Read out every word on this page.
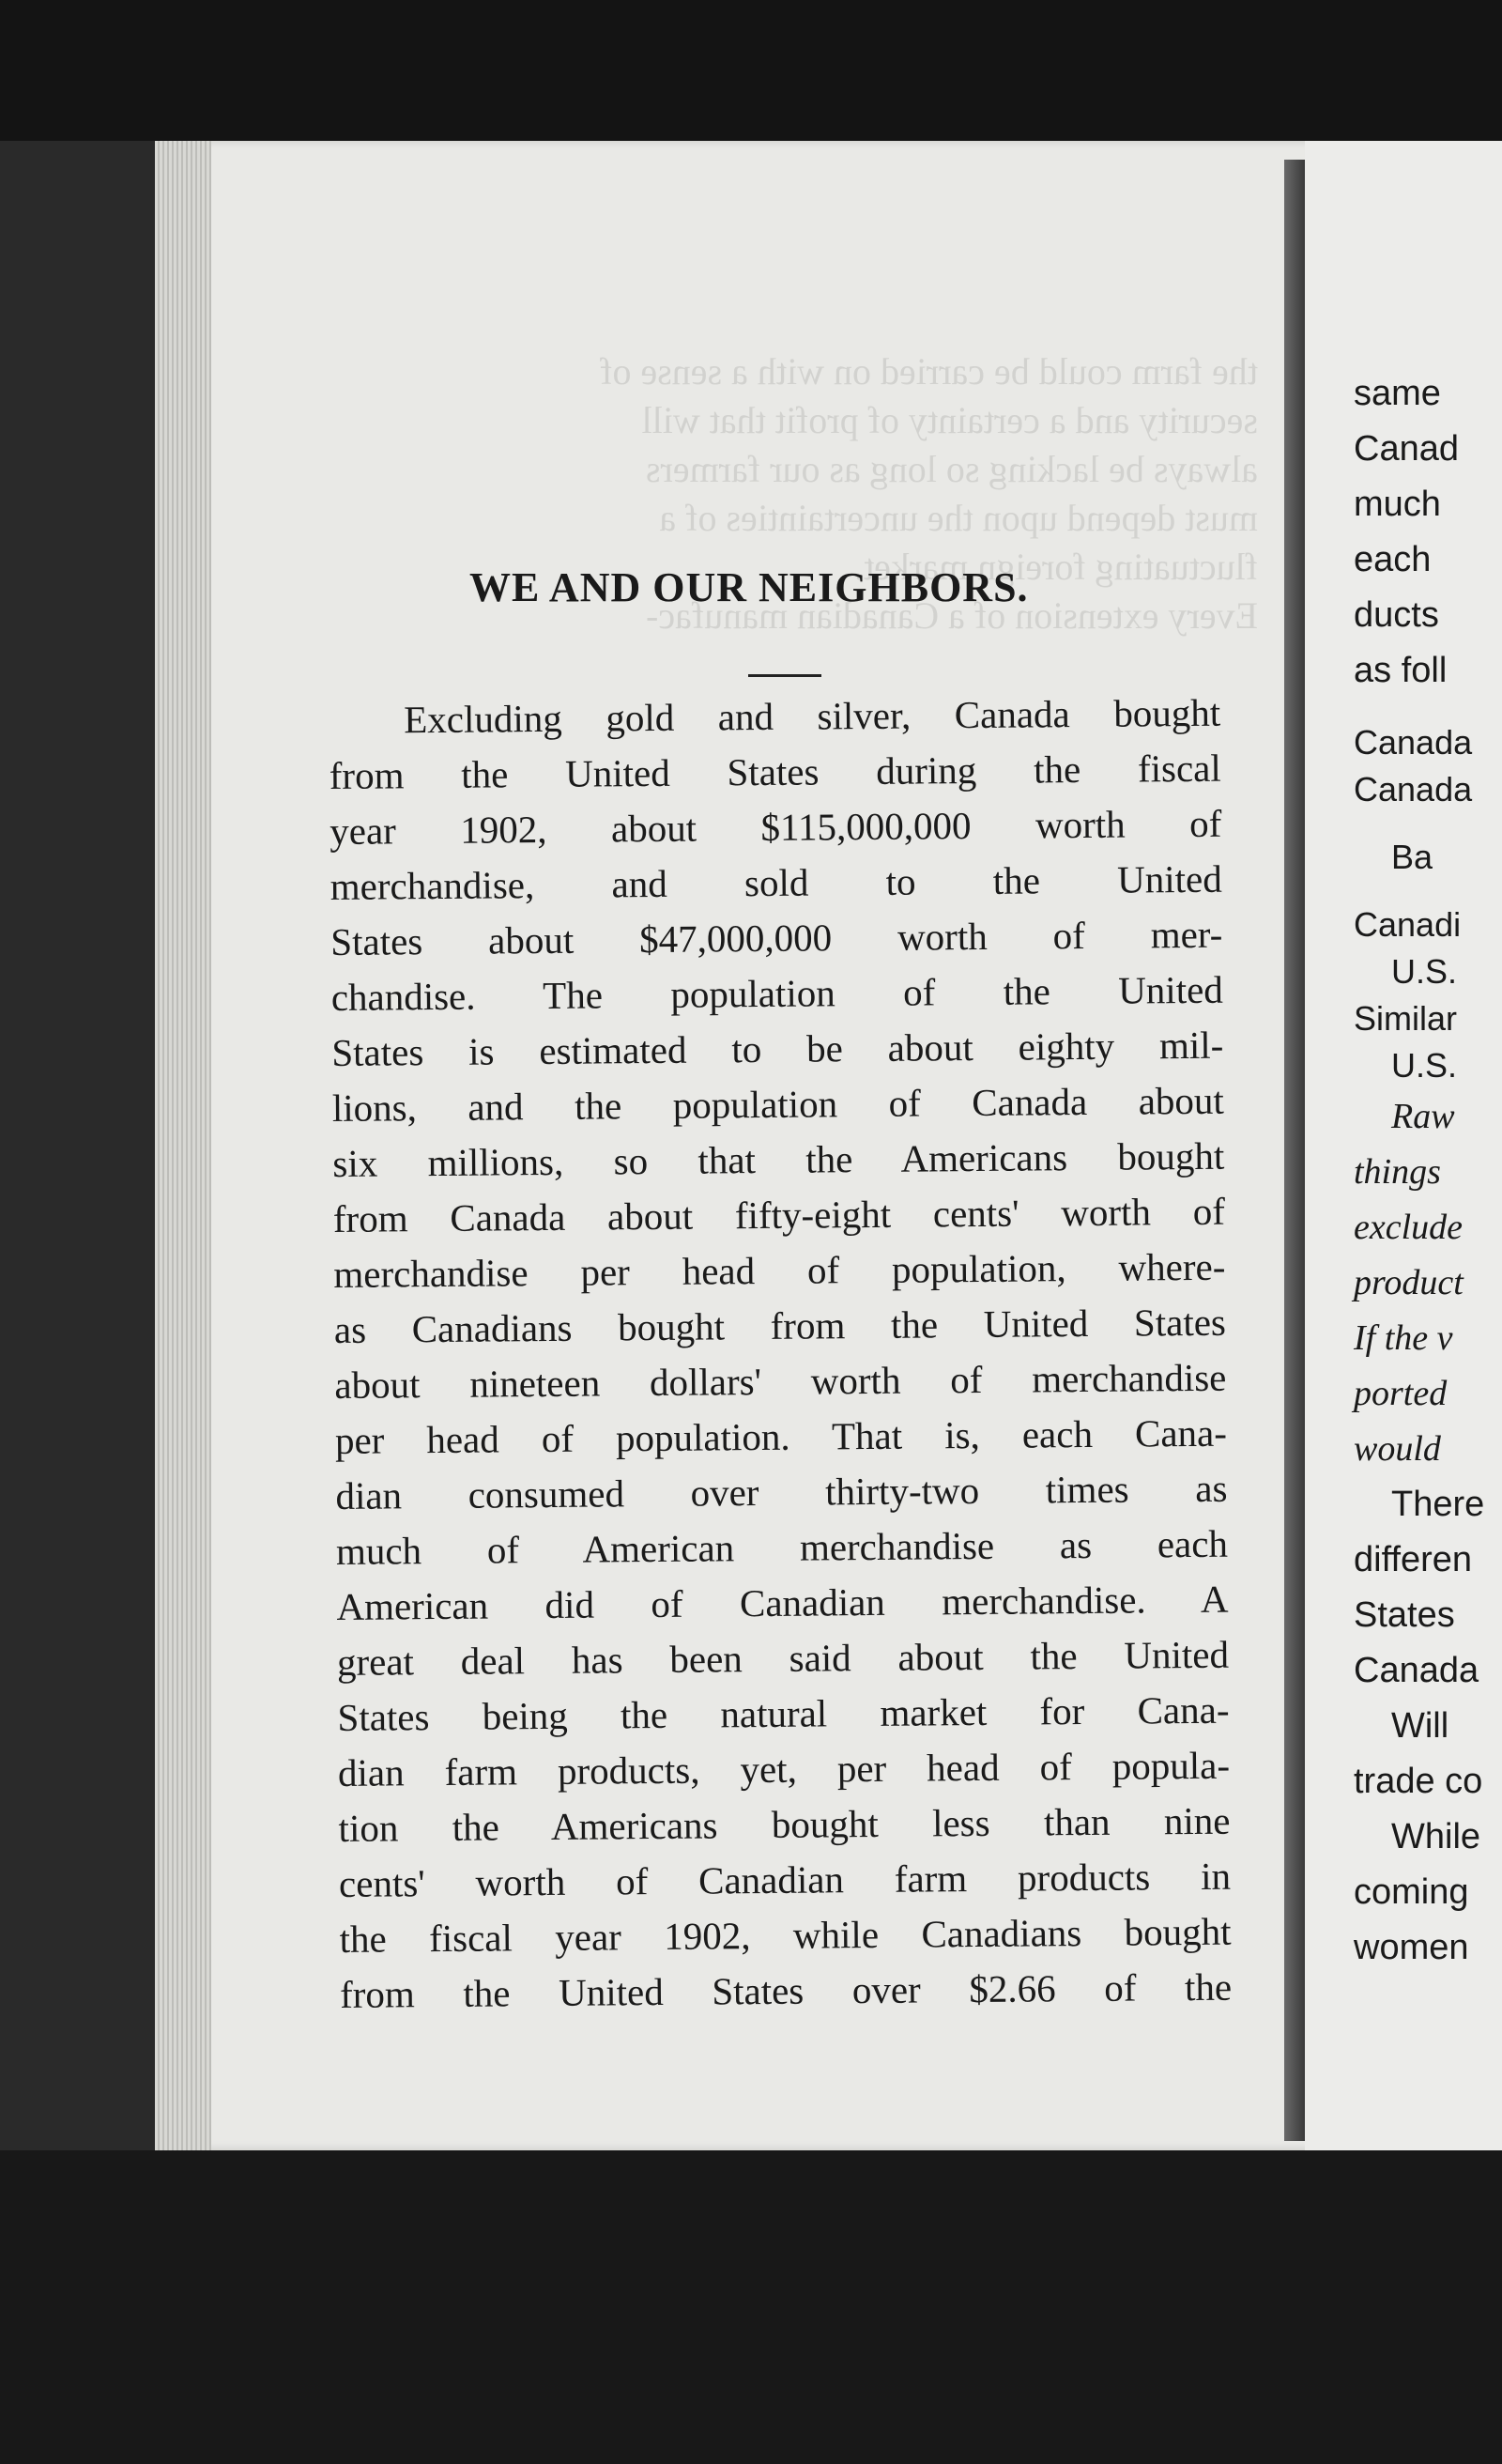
the farm could be carried on with a sense of
security and a certainty of profit that will
always be lacking so long as our farmers
must depend upon the uncertainties of a
fluctuating foreign market.
Every extension of a Canadian manufac-
WE AND OUR NEIGHBORS.
Excluding gold and silver, Canada bought
from the United States during the fiscal
year 1902, about $115,000,000 worth of
merchandise, and sold to the United
States about $47,000,000 worth of mer-
chandise. The population of the United
States is estimated to be about eighty mil-
lions, and the population of Canada about
six millions, so that the Americans bought
from Canada about fifty-eight cents' worth of
merchandise per head of population, where-
as Canadians bought from the United States
about nineteen dollars' worth of merchandise
per head of population. That is, each Cana-
dian consumed over thirty-two times as
much of American merchandise as each
American did of Canadian merchandise. A
great deal has been said about the United
States being the natural market for Cana-
dian farm products, yet, per head of popula-
tion the Americans bought less than nine
cents' worth of Canadian farm products in
the fiscal year 1902, while Canadians bought
from the United States over $2.66 of the
same
Canad
much
each
ducts
as foll
Canada
Canada
Ba
Canadi
U.S.
Similar
U.S.
Raw
things
exclude
product
If the v
ported
would
There
differen
States
Canada
Will
trade co
While
coming
women
